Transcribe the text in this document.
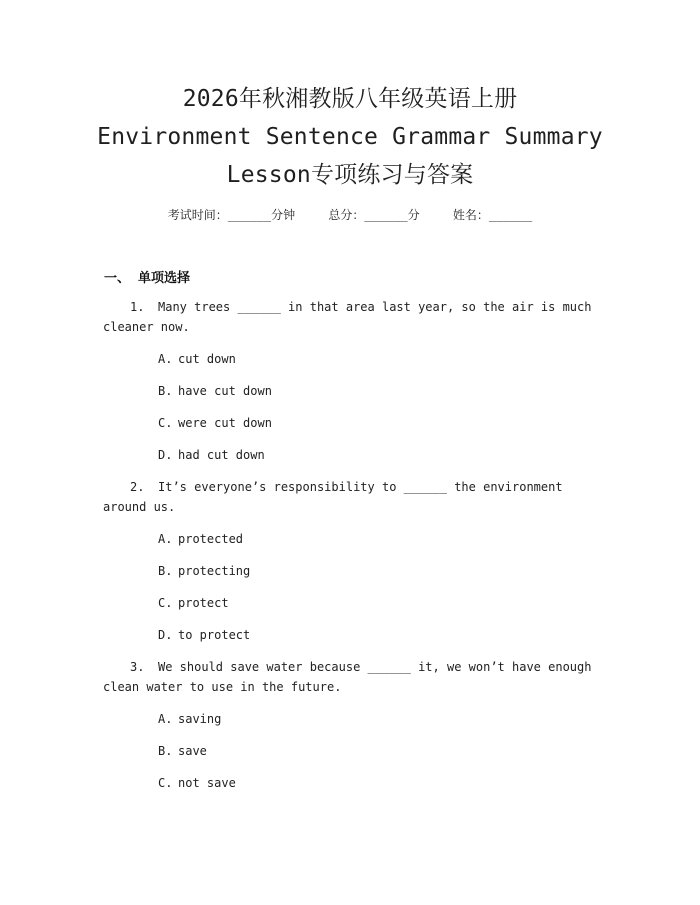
2026年秋湘教版八年级英语上册
Environment Sentence Grammar Summary
Lesson专项练习与答案
考试时间：______分钟	总分：______分	姓名：______
一、 单项选择
1. Many trees ______ in that area last year, so the air is much cleaner now.
A. cut down
B. have cut down
C. were cut down
D. had cut down
2. It’s everyone’s responsibility to ______ the environment around us.
A. protected
B. protecting
C. protect
D. to protect
3. We should save water because ______ it, we won’t have enough clean water to use in the future.
A. saving
B. save
C. not save
